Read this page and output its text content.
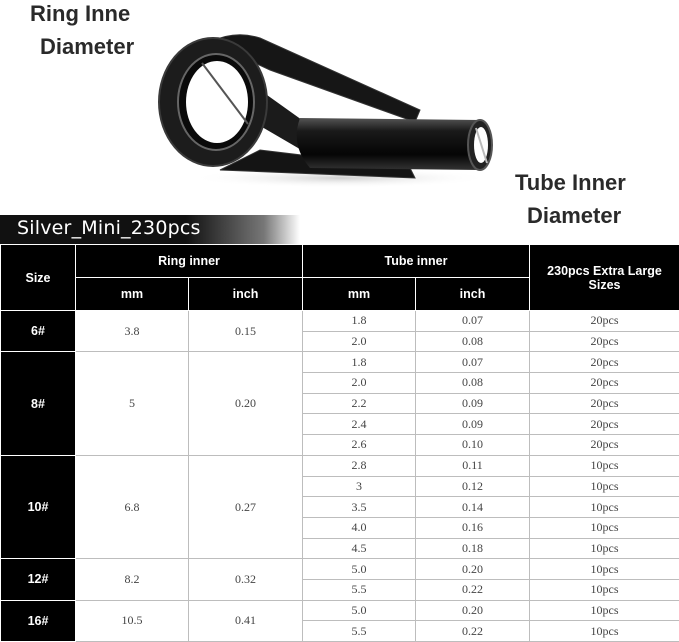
Ring Inne
Diameter
Tube Inner
Diameter
Silver_Mini_230pcs
Size	Ring inner		Tube inner		230pcs Extra Large Sizes
	mm	inch	mm	inch	
6#	3.8	0.15	1.8	0.07	20pcs
			2.0	0.08	20pcs
8#	5	0.20	1.8	0.07	20pcs
			2.0	0.08	20pcs
			2.2	0.09	20pcs
			2.4	0.09	20pcs
			2.6	0.10	20pcs
10#	6.8	0.27	2.8	0.11	10pcs
			3	0.12	10pcs
			3.5	0.14	10pcs
			4.0	0.16	10pcs
			4.5	0.18	10pcs
12#	8.2	0.32	5.0	0.20	10pcs
			5.5	0.22	10pcs
16#	10.5	0.41	5.0	0.20	10pcs
			5.5	0.22	10pcs
